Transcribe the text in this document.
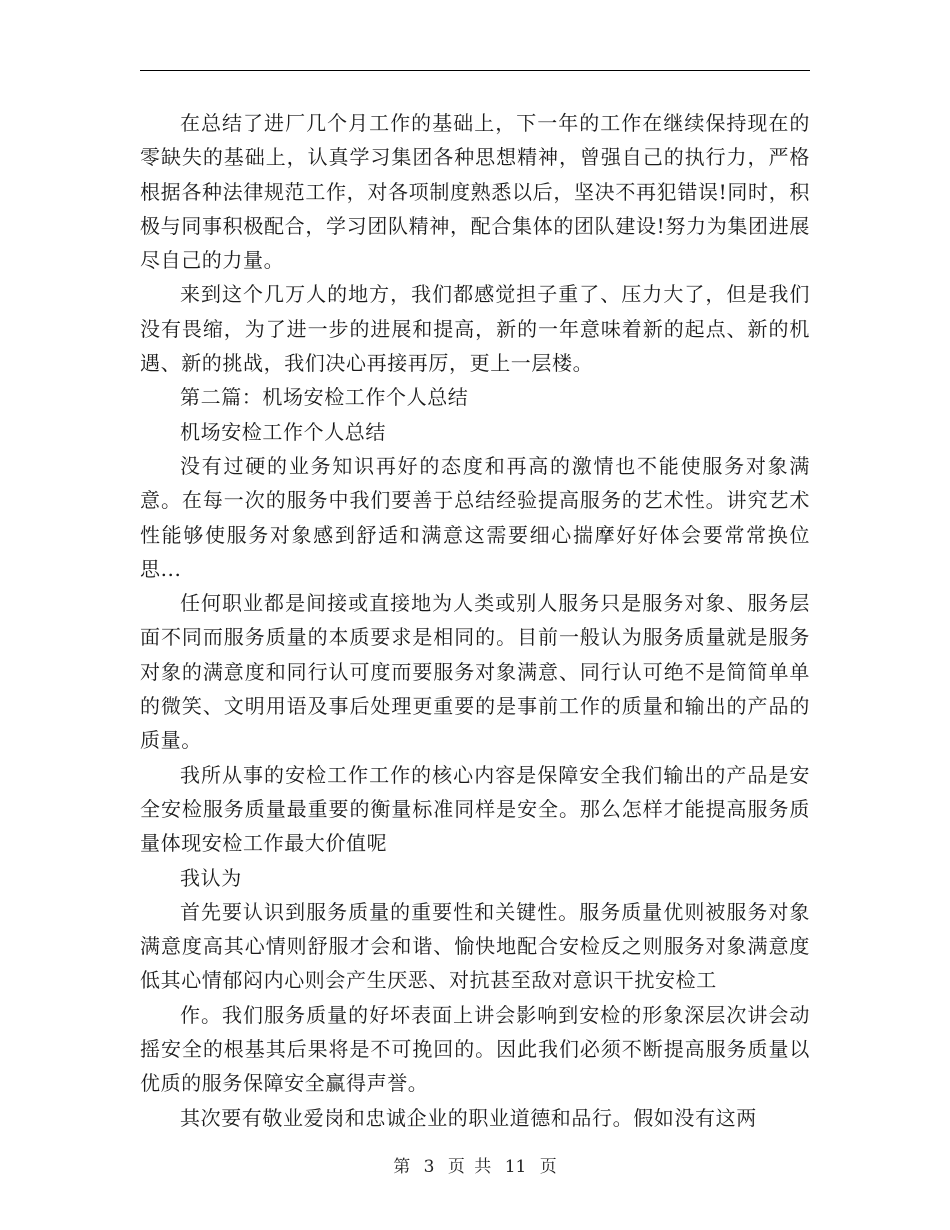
在总结了进厂几个月工作的基础上，下一年的工作在继续保持现在的零缺失的基础上，认真学习集团各种思想精神，曾强自己的执行力，严格根据各种法律规范工作，对各项制度熟悉以后，坚决不再犯错误!同时，积极与同事积极配合，学习团队精神，配合集体的团队建设!努力为集团进展尽自己的力量。

来到这个几万人的地方，我们都感觉担子重了、压力大了，但是我们没有畏缩，为了进一步的进展和提高，新的一年意味着新的起点、新的机遇、新的挑战，我们决心再接再厉，更上一层楼。

第二篇：机场安检工作个人总结

机场安检工作个人总结

没有过硬的业务知识再好的态度和再高的激情也不能使服务对象满意。在每一次的服务中我们要善于总结经验提高服务的艺术性。讲究艺术性能够使服务对象感到舒适和满意这需要细心揣摩好好体会要常常换位思...

任何职业都是间接或直接地为人类或别人服务只是服务对象、服务层面不同而服务质量的本质要求是相同的。目前一般认为服务质量就是服务对象的满意度和同行认可度而要服务对象满意、同行认可绝不是简简单单的微笑、文明用语及事后处理更重要的是事前工作的质量和输出的产品的质量。

我所从事的安检工作工作的核心内容是保障安全我们输出的产品是安全安检服务质量最重要的衡量标准同样是安全。那么怎样才能提高服务质量体现安检工作最大价值呢

我认为

首先要认识到服务质量的重要性和关键性。服务质量优则被服务对象满意度高其心情则舒服才会和谐、愉快地配合安检反之则服务对象满意度低其心情郁闷内心则会产生厌恶、对抗甚至敌对意识干扰安检工

作。我们服务质量的好坏表面上讲会影响到安检的形象深层次讲会动摇安全的根基其后果将是不可挽回的。因此我们必须不断提高服务质量以优质的服务保障安全赢得声誉。

其次要有敬业爱岗和忠诚企业的职业道德和品行。假如没有这两

第 3 页 共 11 页
